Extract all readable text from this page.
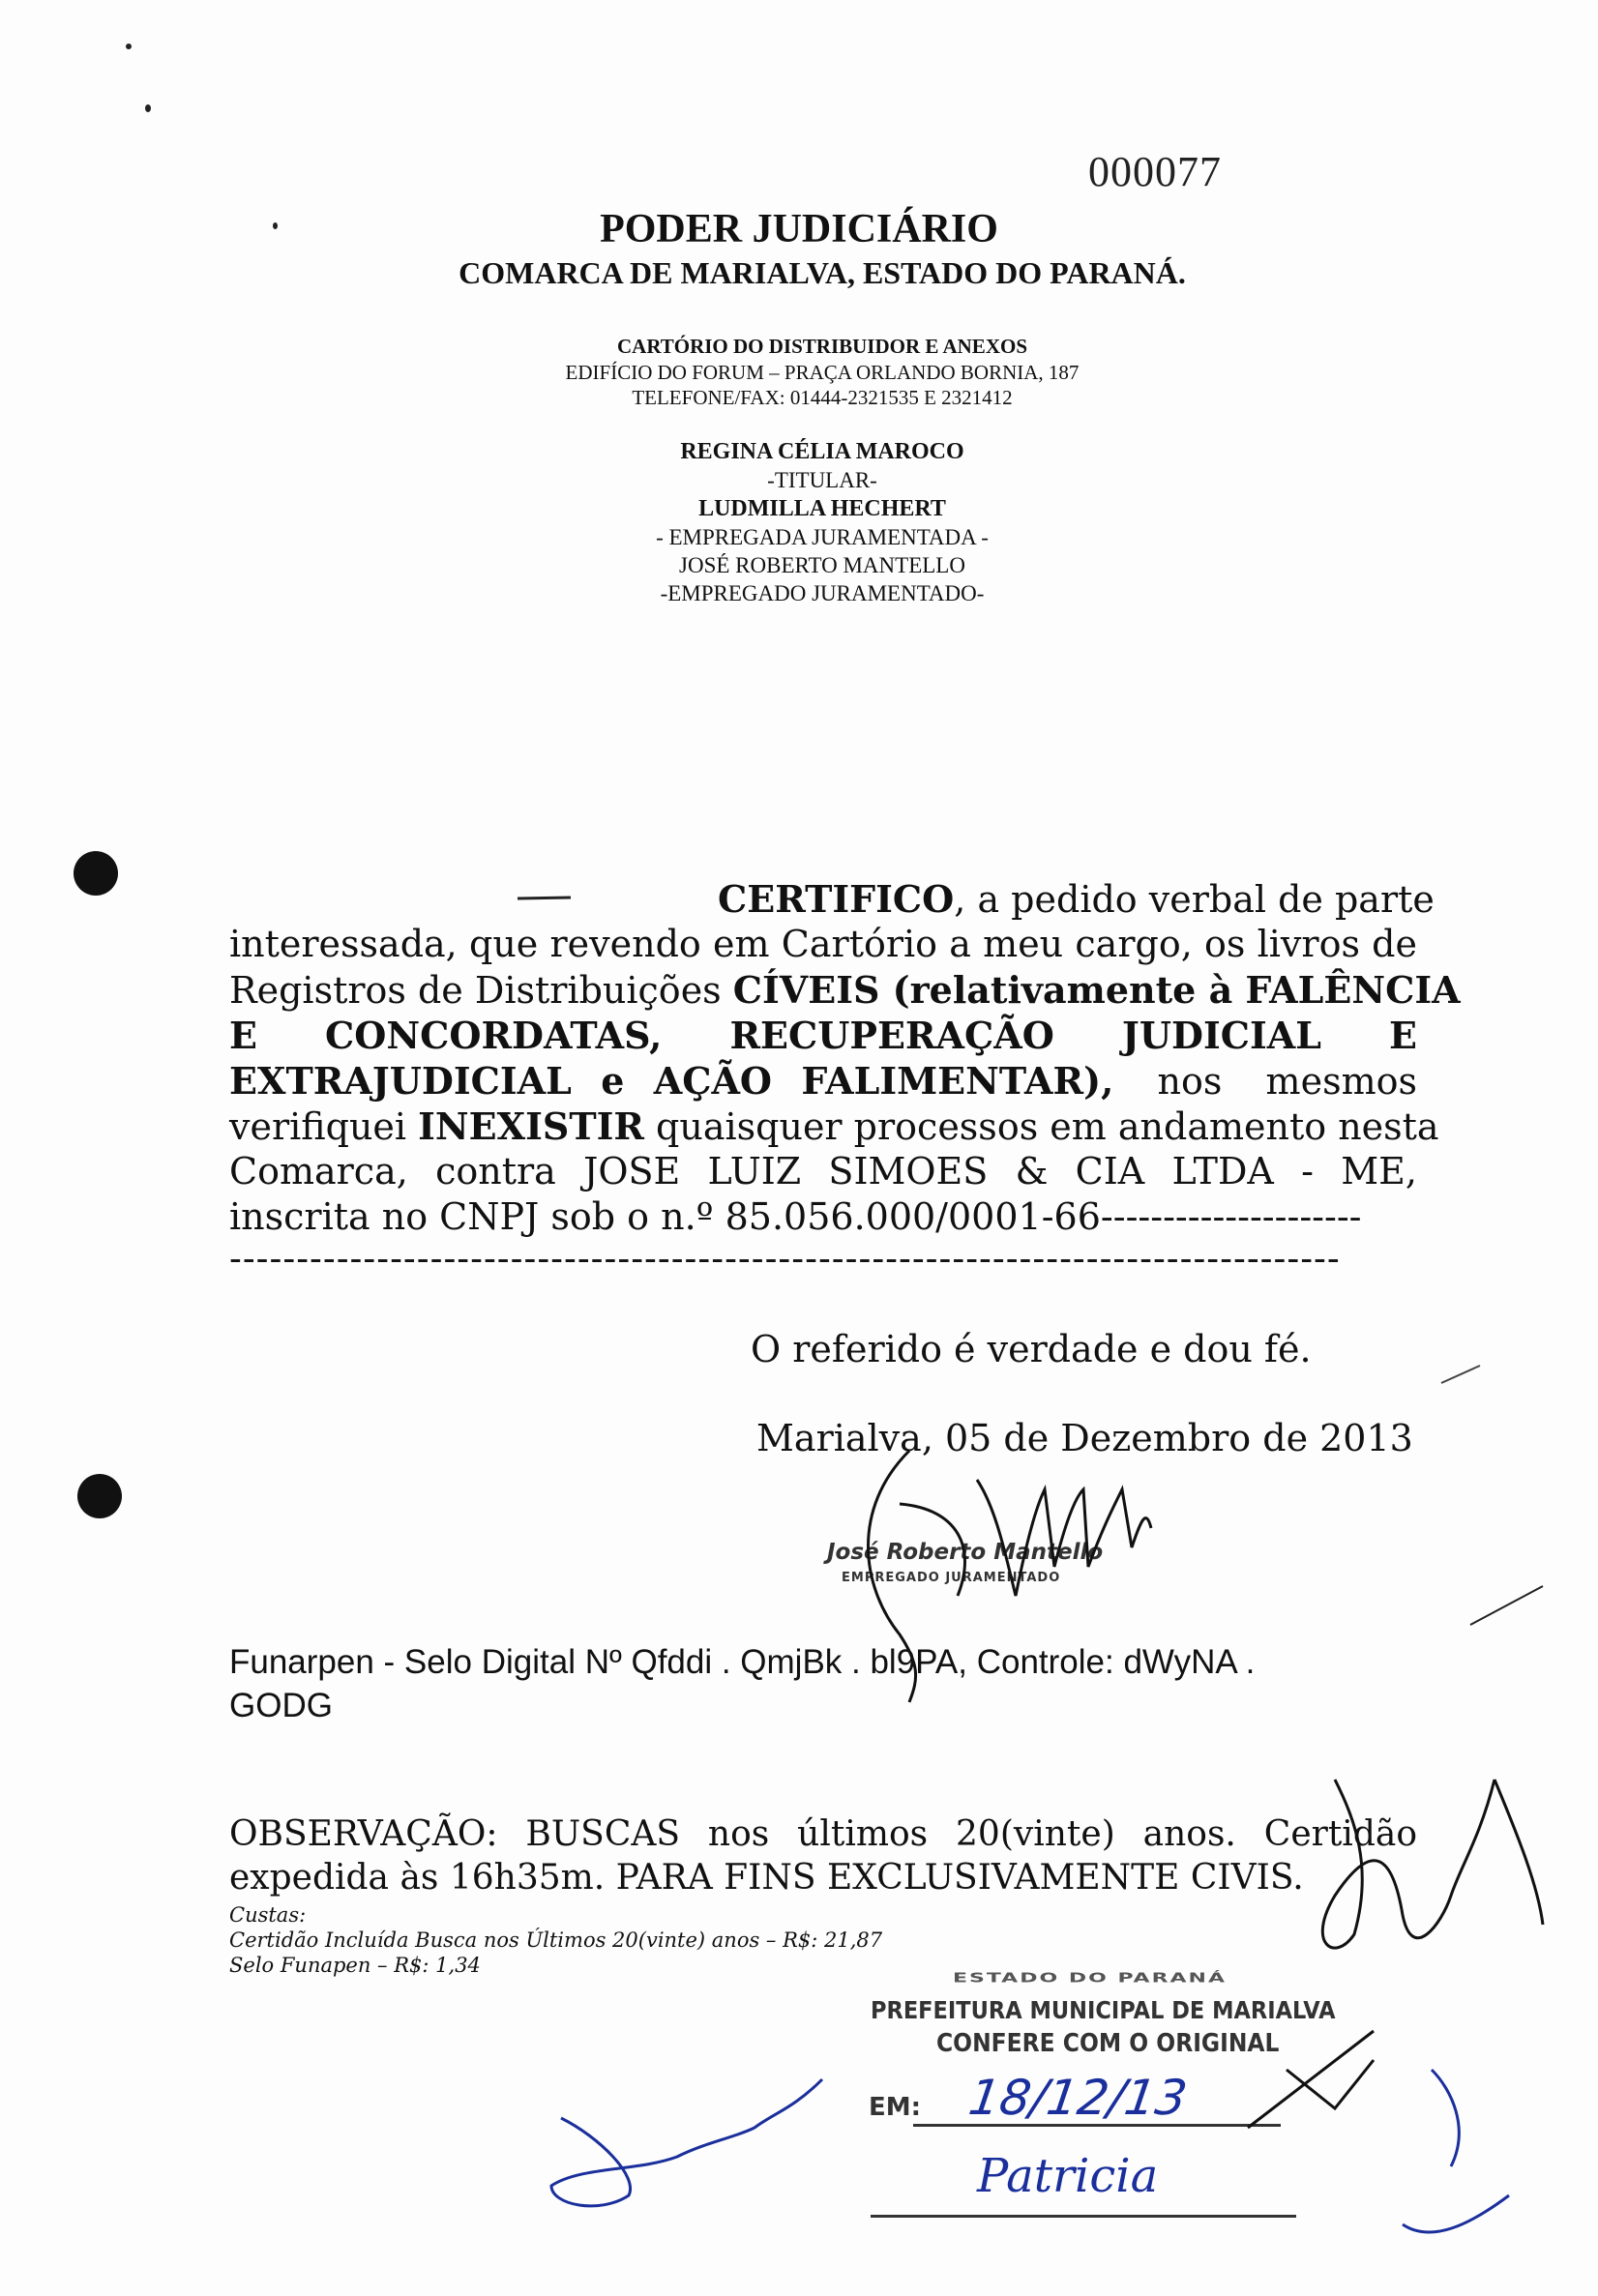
000077
PODER JUDICIÁRIO
COMARCA DE MARIALVA, ESTADO DO PARANÁ.
CARTÓRIO DO DISTRIBUIDOR E ANEXOS
EDIFÍCIO DO FORUM – PRAÇA ORLANDO BORNIA, 187
TELEFONE/FAX: 01444-2321535 E 2321412
REGINA CÉLIA MAROCO
-TITULAR-
LUDMILLA HECHERT
- EMPREGADA JURAMENTADA -
JOSÉ ROBERTO MANTELLO
-EMPREGADO JURAMENTADO-
CERTIFICO, a pedido verbal de parte
interessada, que revendo em Cartório a meu cargo, os livros de
Registros de Distribuições CÍVEIS (relativamente à FALÊNCIA
E CONCORDATAS, RECUPERAÇÃO JUDICIAL E
EXTRAJUDICIAL e AÇÃO FALIMENTAR), nos mesmos
verifiquei INEXISTIR quaisquer processos em andamento nesta
Comarca, contra JOSE LUIZ SIMOES & CIA LTDA - ME,
inscrita no CNPJ sob o n.º 85.056.000/0001-66---------------------
-----------------------------------------------------------------------------------
O referido é verdade e dou fé.
Marialva, 05 de Dezembro de 2013
José Roberto Mantello
EMPREGADO JURAMENTADO
Funarpen - Selo Digital Nº Qfddi . QmjBk . bl9PA, Controle: dWyNA .
GODG
OBSERVAÇÃO: BUSCAS nos últimos 20(vinte) anos. Certidão
expedida às 16h35m. PARA FINS EXCLUSIVAMENTE CIVIS.
Custas:
Certidão Incluída Busca nos Últimos 20(vinte) anos – R$: 21,87
Selo Funapen – R$: 1,34
ESTADO DO PARANÁ
PREFEITURA MUNICIPAL DE MARIALVA
CONFERE COM O ORIGINAL
EM: 18/12/13
Patricia
